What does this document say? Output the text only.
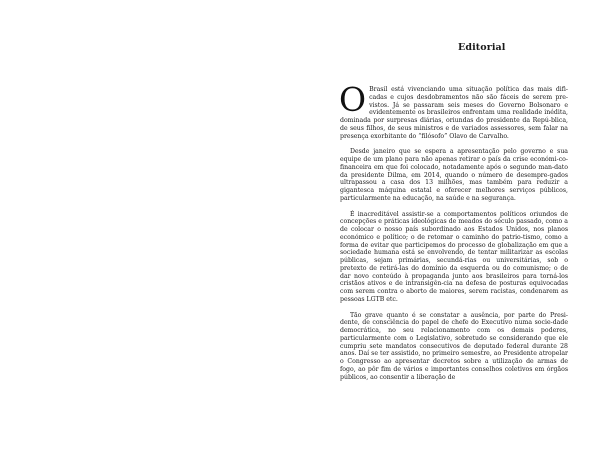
Editorial

O Brasil está vivenciando uma situação política das mais difi-cadas e cujos desdobramentos não são fáceis de serem pre-vistos. Já se passaram seis meses do Governo Bolsonaro e evidentemente os brasileiros enfrentam uma realidade inédita, dominada por surpresas diárias, oriundas do presidente da Repú-blica, de seus filhos, de seus ministros e de variados assessores, sem falar na presença exorbitante do “filósofo” Olavo de Carvalho.

Desde janeiro que se espera a apresentação pelo governo e sua equipe de um plano para não apenas retirar o país da crise económi-co-financeira em que foi colocado, notadamente após o segundo man-dato da presidente Dilma, em 2014, quando o número de desempre-gados ultrapassou a casa dos 13 milhões, mas também para reduzir a gigantesca máquina estatal e oferecer melhores serviços públicos, particularmente na educação, na saúde e na segurança.

É inacreditável assistir-se a comportamentos políticos oriundos de concepções e práticas ideológicas de meados do século passado, como a de colocar o nosso país subordinado aos Estados Unidos, nos planos económico e político; o de retomar o caminho do patrio-tismo, como a forma de evitar que participemos do processo de globalização em que a sociedade humana está se envolvendo, de tentar militarizar as escolas públicas, sejam primárias, secundá-rias ou universitárias, sob o pretexto de retirá-las do domínio da esquerda ou do comunismo; o de dar novo conteúdo à propaganda junto aos brasileiros para torná-los cristãos ativos e de intransigên-cia na defesa de posturas equivocadas com serem contra o aborto de maiores, serem racistas, condenarem as pessoas LGTB etc.

Tão grave quanto é se constatar a ausência, por parte do Presi-dente, de consciência do papel de chefe do Executivo numa socie-dade democrática, no seu relacionamento com os demais poderes, particularmente com o Legislativo, sobretudo se considerando que ele cumpriu sete mandatos consecutivos de deputado federal durante 28 anos. Daí se ter assistido, no primeiro semestre, ao Presidente atropelar o Congresso ao apresentar decretos sobre a utilização de armas de fogo, ao pôr fim de vários e importantes conselhos coletivos em órgãos públicos, ao consentir a liberação de
